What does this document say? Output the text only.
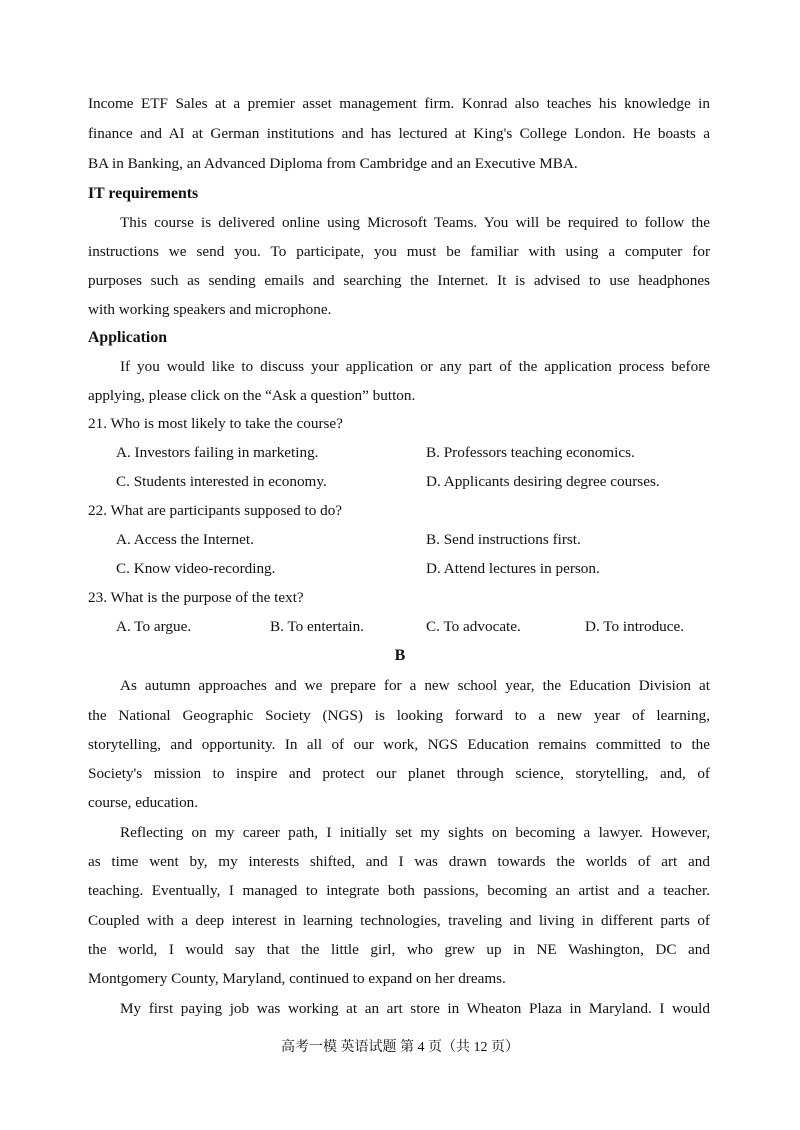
Income ETF Sales at a premier asset management firm. Konrad also teaches his knowledge in
finance and AI at German institutions and has lectured at King's College London. He boasts a
BA in Banking, an Advanced Diploma from Cambridge and an Executive MBA.
IT requirements
This course is delivered online using Microsoft Teams. You will be required to follow the
instructions we send you. To participate, you must be familiar with using a computer for
purposes such as sending emails and searching the Internet. It is advised to use headphones
with working speakers and microphone.
Application
If you would like to discuss your application or any part of the application process before
applying, please click on the “Ask a question” button.
21. Who is most likely to take the course?
A. Investors failing in marketing.	B. Professors teaching economics.
C. Students interested in economy.	D. Applicants desiring degree courses.
22. What are participants supposed to do?
A. Access the Internet.	B. Send instructions first.
C. Know video-recording.	D. Attend lectures in person.
23. What is the purpose of the text?
A. To argue.	B. To entertain.	C. To advocate.	D. To introduce.
B
As autumn approaches and we prepare for a new school year, the Education Division at
the National Geographic Society (NGS) is looking forward to a new year of learning,
storytelling, and opportunity. In all of our work, NGS Education remains committed to the
Society's mission to inspire and protect our planet through science, storytelling, and, of
course, education.
Reflecting on my career path, I initially set my sights on becoming a lawyer. However,
as time went by, my interests shifted, and I was drawn towards the worlds of art and
teaching. Eventually, I managed to integrate both passions, becoming an artist and a teacher.
Coupled with a deep interest in learning technologies, traveling and living in different parts of
the world, I would say that the little girl, who grew up in NE Washington, DC and
Montgomery County, Maryland, continued to expand on her dreams.
My first paying job was working at an art store in Wheaton Plaza in Maryland. I would
高考一模 英语试题 第 4 页（共 12 页）
